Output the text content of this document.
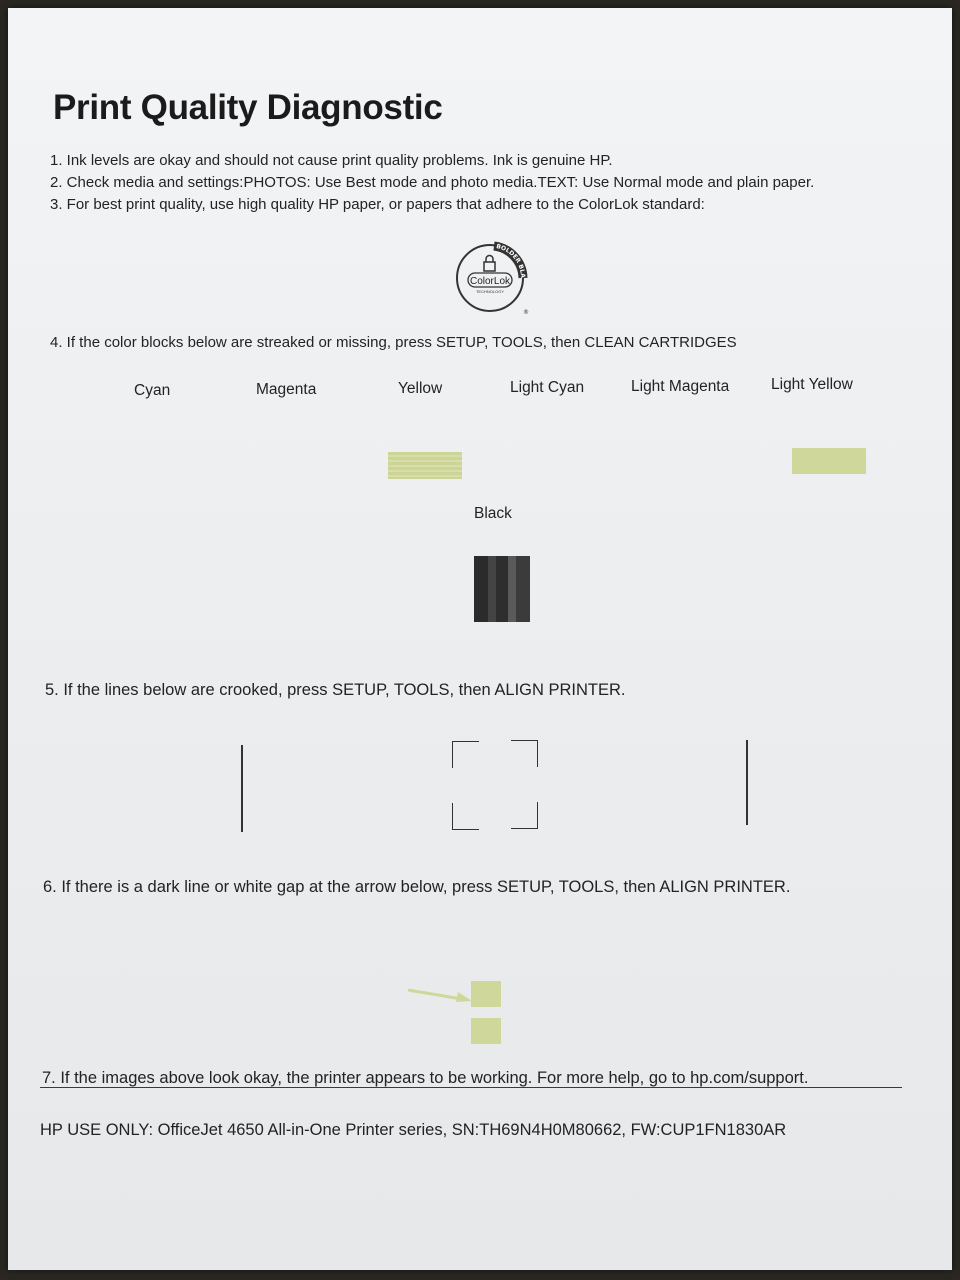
Print Quality Diagnostic
1. Ink levels are okay and should not cause print quality problems. Ink is genuine HP.
2. Check media and settings:PHOTOS: Use Best mode and photo media.TEXT: Use Normal mode and plain paper.
3. For best print quality, use high quality HP paper, or papers that adhere to the ColorLok standard:
BOLDER BLA
ColorLok
TECHNOLOGY
®
4. If the color blocks below are streaked or missing, press SETUP, TOOLS, then CLEAN CARTRIDGES
Cyan	Magenta	Yellow	Light Cyan	Light Magenta	Light Yellow
Black
5. If the lines below are crooked, press SETUP, TOOLS, then ALIGN PRINTER.
6. If there is a dark line or white gap at the arrow below, press SETUP, TOOLS, then ALIGN PRINTER.
7. If the images above look okay, the printer appears to be working. For more help, go to hp.com/support.
HP USE ONLY: OfficeJet 4650 All-in-One Printer series, SN:TH69N4H0M80662, FW:CUP1FN1830AR
